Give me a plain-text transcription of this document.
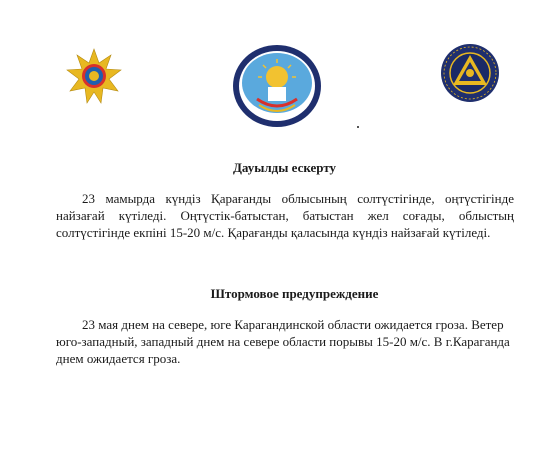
Дауылды ескерту

23 мамырда күндіз Қарағанды облысының солтүстігінде, оңтүстігінде найзағай күтіледі. Оңтүстік-батыстан, батыстан жел соғады, облыстың солтүстігінде екпіні 15-20 м/с. Қарағанды қаласында күндіз найзағай күтіледі.

Штормовое предупреждение

23 мая днем на севере, юге Карагандинской области ожидается гроза. Ветер юго-западный, западный днем на севере области порывы 15-20 м/с. В г.Караганда днем ожидается гроза.
